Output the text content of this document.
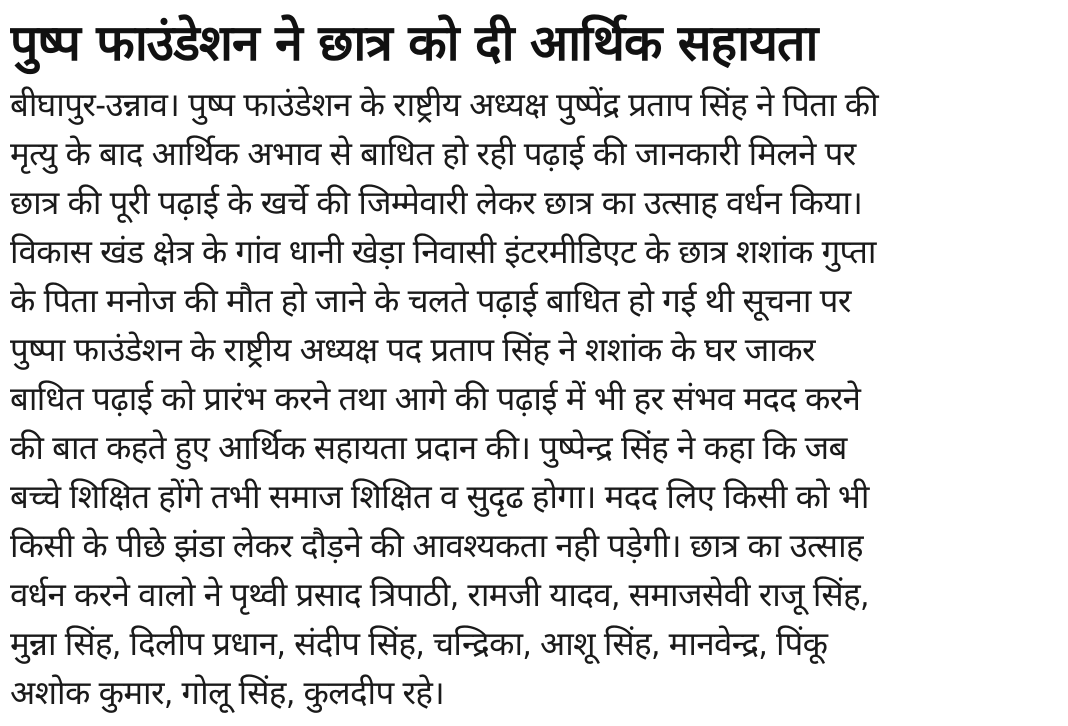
पुष्प फाउंडेशन ने छात्र को दी आर्थिक सहायता
बीघापुर-उन्नाव। पुष्प फाउंडेशन के राष्ट्रीय अध्यक्ष पुष्पेंद्र प्रताप सिंह ने पिता की
मृत्यु के बाद आर्थिक अभाव से बाधित हो रही पढ़ाई की जानकारी मिलने पर
छात्र की पूरी पढ़ाई के खर्चे की जिम्मेवारी लेकर छात्र का उत्साह वर्धन किया।
विकास खंड क्षेत्र के गांव धानी खेड़ा निवासी इंटरमीडिएट के छात्र शशांक गुप्ता
के पिता मनोज की मौत हो जाने के चलते पढ़ाई बाधित हो गई थी सूचना पर
पुष्पा फाउंडेशन के राष्ट्रीय अध्यक्ष पद प्रताप सिंह ने शशांक के घर जाकर
बाधित पढ़ाई को प्रारंभ करने तथा आगे की पढ़ाई में भी हर संभव मदद करने
की बात कहते हुए आर्थिक सहायता प्रदान की। पुष्पेन्द्र सिंह ने कहा कि जब
बच्चे शिक्षित होंगे तभी समाज शिक्षित व सुदृढ होगा। मदद लिए किसी को भी
किसी के पीछे झंडा लेकर दौड़ने की आवश्यकता नही पड़ेगी। छात्र का उत्साह
वर्धन करने वालो ने पृथ्वी प्रसाद त्रिपाठी, रामजी यादव, समाजसेवी राजू सिंह,
मुन्ना सिंह, दिलीप प्रधान, संदीप सिंह, चन्द्रिका, आशू सिंह, मानवेन्द्र, पिंकू
अशोक कुमार, गोलू सिंह, कुलदीप रहे।
